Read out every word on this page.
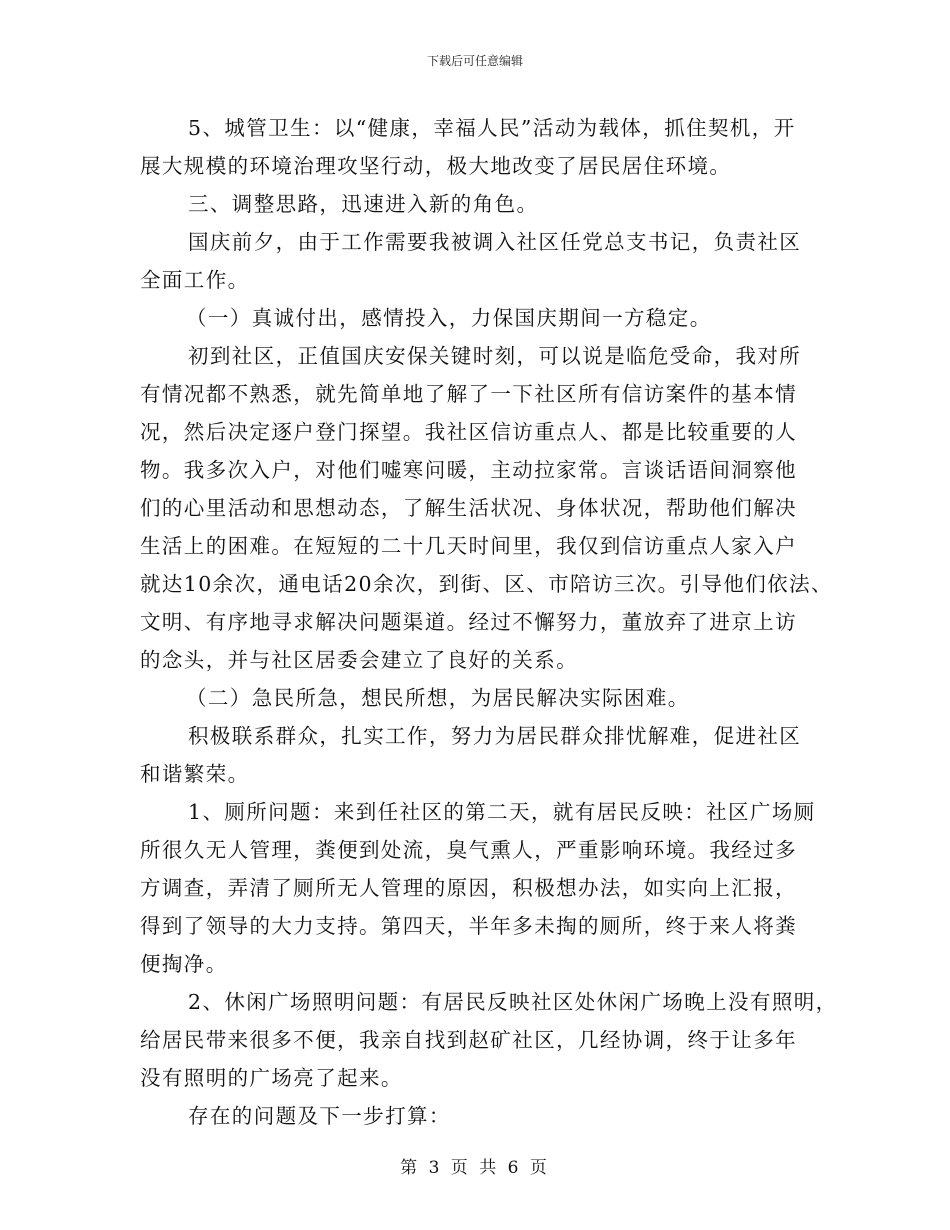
下载后可任意编辑
5、城管卫生：以“健康，幸福人民”活动为载体，抓住契机，开
展大规模的环境治理攻坚行动，极大地改变了居民居住环境。
三、调整思路，迅速进入新的角色。
国庆前夕，由于工作需要我被调入社区任党总支书记，负责社区
全面工作。
（一）真诚付出，感情投入，力保国庆期间一方稳定。
初到社区，正值国庆安保关键时刻，可以说是临危受命，我对所
有情况都不熟悉，就先简单地了解了一下社区所有信访案件的基本情
况，然后决定逐户登门探望。我社区信访重点人、都是比较重要的人
物。我多次入户，对他们嘘寒问暖，主动拉家常。言谈话语间洞察他
们的心里活动和思想动态，了解生活状况、身体状况，帮助他们解决
生活上的困难。在短短的二十几天时间里，我仅到信访重点人家入户
就达10余次，通电话20余次，到街、区、市陪访三次。引导他们依法、
文明、有序地寻求解决问题渠道。经过不懈努力，董放弃了进京上访
的念头，并与社区居委会建立了良好的关系。
（二）急民所急，想民所想，为居民解决实际困难。
积极联系群众，扎实工作，努力为居民群众排忧解难，促进社区
和谐繁荣。
1、厕所问题：来到任社区的第二天，就有居民反映：社区广场厕
所很久无人管理，粪便到处流，臭气熏人，严重影响环境。我经过多
方调查，弄清了厕所无人管理的原因，积极想办法，如实向上汇报，
得到了领导的大力支持。第四天，半年多未掏的厕所，终于来人将粪
便掏净。
2、休闲广场照明问题：有居民反映社区处休闲广场晚上没有照明，
给居民带来很多不便，我亲自找到赵矿社区，几经协调，终于让多年
没有照明的广场亮了起来。
存在的问题及下一步打算：
第 3 页 共 6 页
